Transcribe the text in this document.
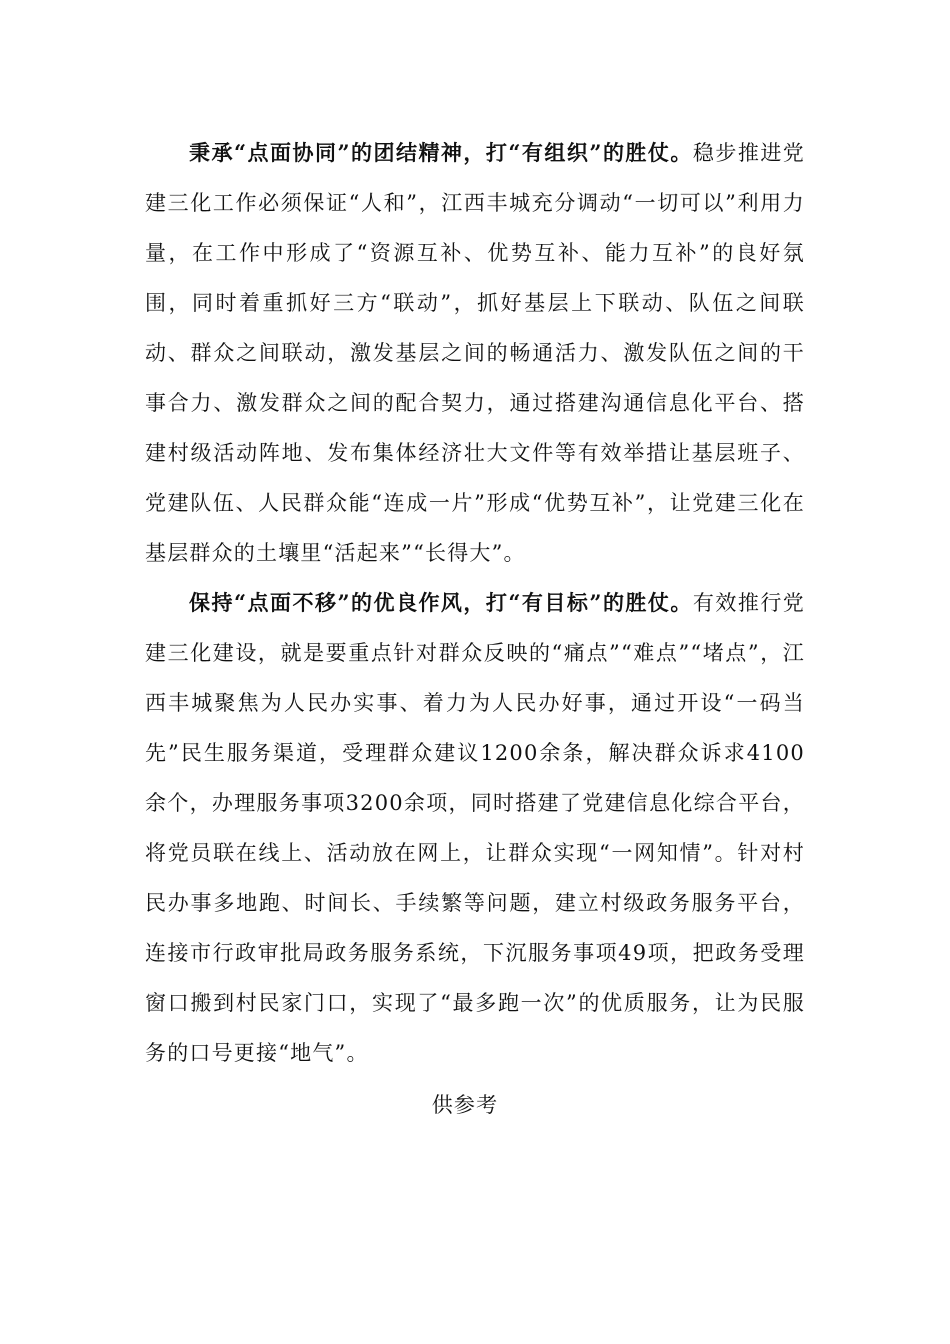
秉承“点面协同”的团结精神，打“有组织”的胜仗。稳步推进党建三化工作必须保证“人和”，江西丰城充分调动“一切可以”利用力量，在工作中形成了“资源互补、优势互补、能力互补”的良好氛围，同时着重抓好三方“联动”，抓好基层上下联动、队伍之间联动、群众之间联动，激发基层之间的畅通活力、激发队伍之间的干事合力、激发群众之间的配合契力，通过搭建沟通信息化平台、搭建村级活动阵地、发布集体经济壮大文件等有效举措让基层班子、党建队伍、人民群众能“连成一片”形成“优势互补”，让党建三化在基层群众的土壤里“活起来”“长得大”。

保持“点面不移”的优良作风，打“有目标”的胜仗。有效推行党建三化建设，就是要重点针对群众反映的“痛点”“难点”“堵点”，江西丰城聚焦为人民办实事、着力为人民办好事，通过开设“一码当先”民生服务渠道，受理群众建议1200余条，解决群众诉求4100余个，办理服务事项3200余项，同时搭建了党建信息化综合平台，将党员联在线上、活动放在网上，让群众实现“一网知情”。针对村民办事多地跑、时间长、手续繁等问题，建立村级政务服务平台，连接市行政审批局政务服务系统，下沉服务事项49项，把政务受理窗口搬到村民家门口，实现了“最多跑一次”的优质服务，让为民服务的口号更接“地气”。

供参考
